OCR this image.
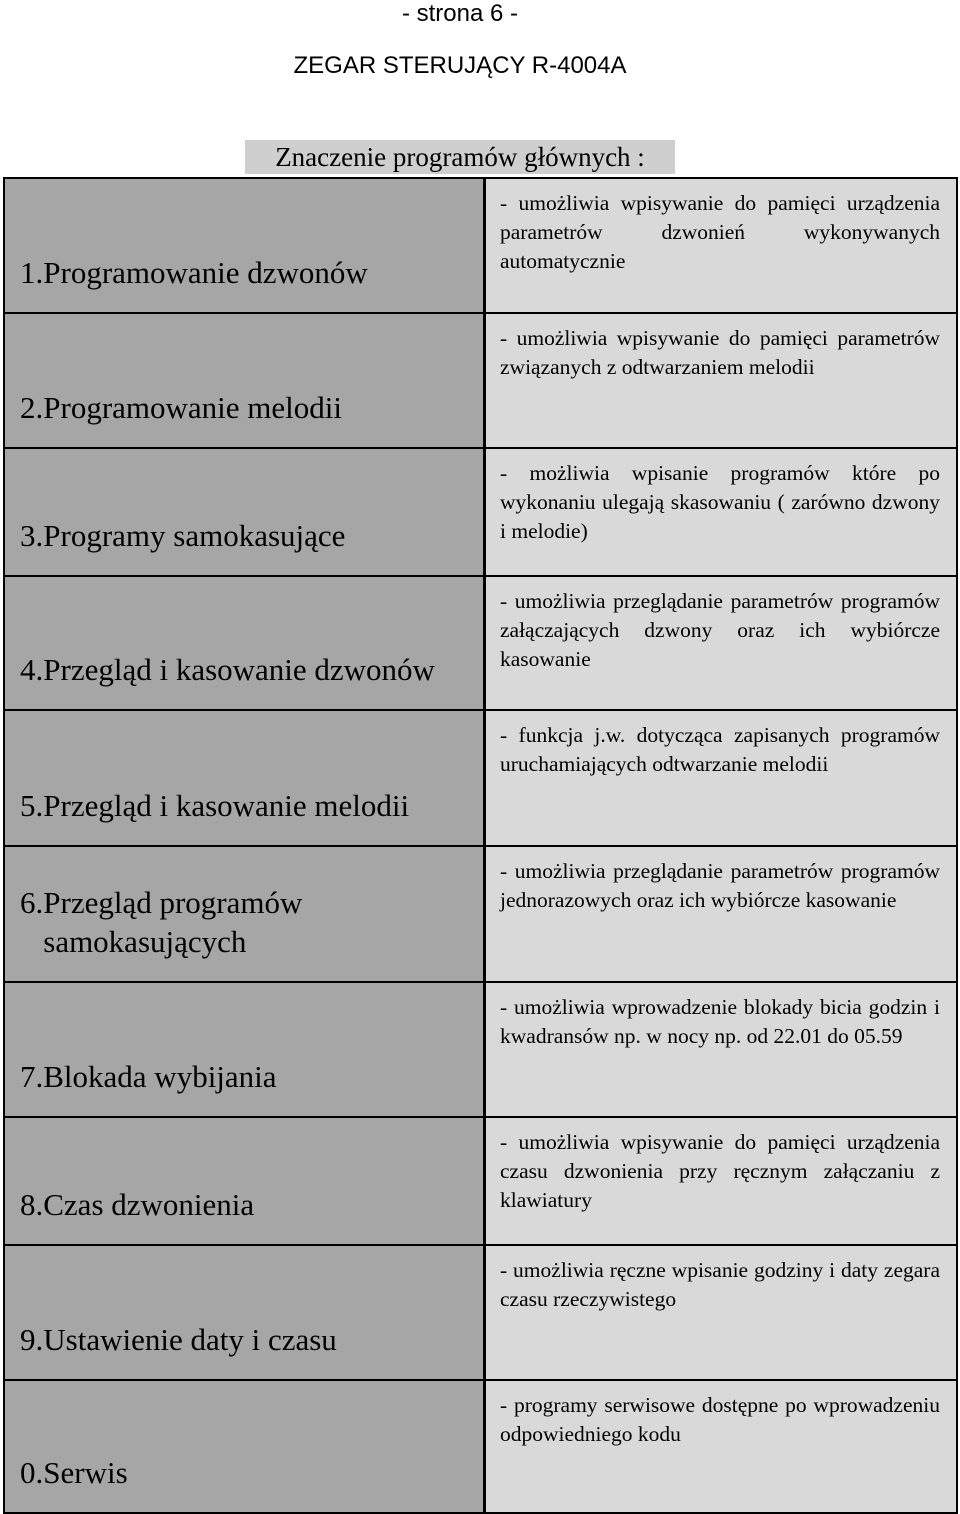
- strona 6 -
ZEGAR STERUJĄCY R-4004A
Znaczenie programów głównych :
1. Programowanie dzwonów	- umożliwia wpisywanie do pamięci urządzenia parametrów dzwonień wykonywanych automatycznie

2. Programowanie melodii	- umożliwia wpisywanie do pamięci parametrów związanych z odtwarzaniem melodii

3. Programy samokasujące	- możliwia wpisanie programów które po wykonaniu ulegają skasowaniu ( zarówno dzwony i melodie)

4. Przegląd i kasowanie dzwonów	- umożliwia przeglądanie parametrów programów załączających dzwony oraz ich wybiórcze kasowanie

5. Przegląd i kasowanie melodii	- funkcja j.w. dotycząca zapisanych programów uruchamiających odtwarzanie melodii

6. Przegląd programów samokasujących	- umożliwia przeglądanie parametrów programów jednorazowych oraz ich wybiórcze kasowanie

7. Blokada wybijania	- umożliwia wprowadzenie blokady bicia godzin i kwadransów np. w nocy np. od 22.01 do 05.59

8. Czas dzwonienia	- umożliwia wpisywanie do pamięci urządzenia czasu dzwonienia przy ręcznym załączaniu z klawiatury

9. Ustawienie daty i czasu	- umożliwia ręczne wpisanie godziny i daty zegara czasu rzeczywistego

0. Serwis	- programy serwisowe dostępne po wprowadzeniu odpowiedniego kodu
